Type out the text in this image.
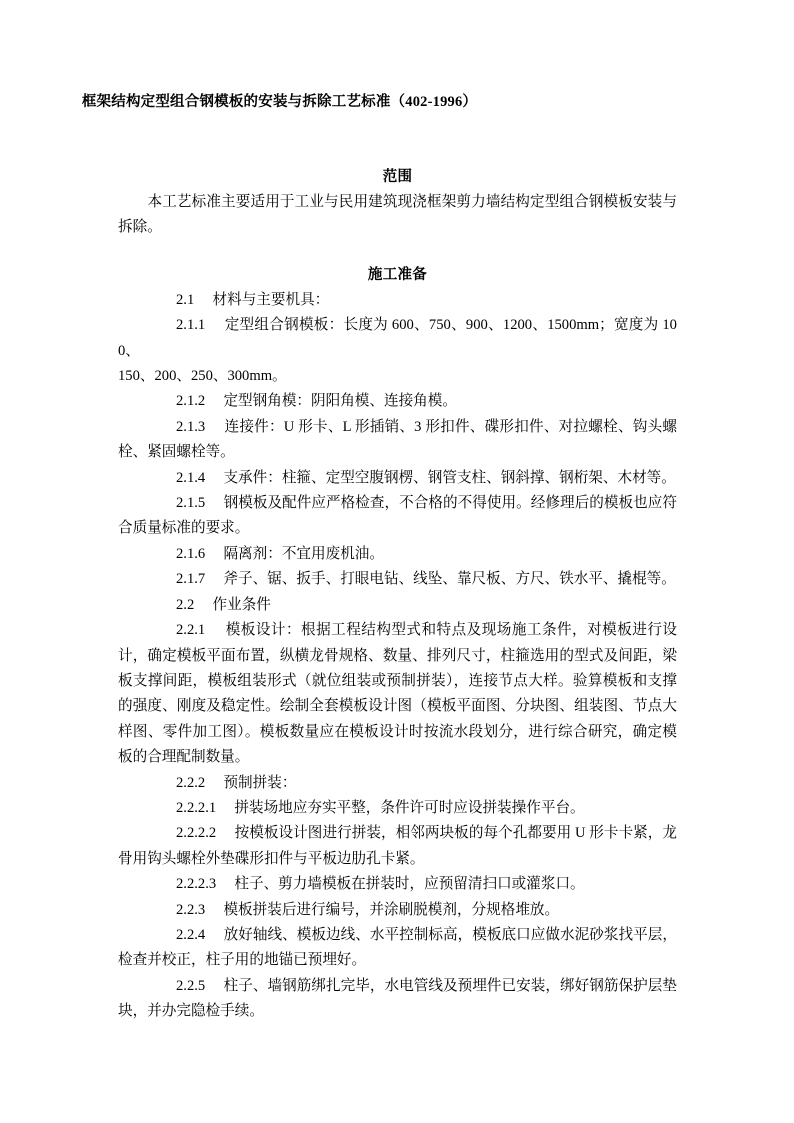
框架结构定型组合钢模板的安装与拆除工艺标准（402-1996）
范围
本工艺标准主要适用于工业与民用建筑现浇框架剪力墙结构定型组合钢模板安装与拆除。
施工准备
2.1 材料与主要机具：
2.1.1 定型组合钢模板：长度为 600、750、900、1200、1500mm；宽度为 100、
150、200、250、300mm。
2.1.2 定型钢角模：阴阳角模、连接角模。
2.1.3 连接件：U 形卡、L 形插销、3 形扣件、碟形扣件、对拉螺栓、钩头螺栓、紧固螺栓等。
2.1.4 支承件：柱箍、定型空腹钢楞、钢管支柱、钢斜撑、钢桁架、木材等。
2.1.5 钢模板及配件应严格检查，不合格的不得使用。经修理后的模板也应符合质量标准的要求。
2.1.6 隔离剂：不宜用废机油。
2.1.7 斧子、锯、扳手、打眼电钻、线坠、靠尺板、方尺、铁水平、撬棍等。
2.2 作业条件
2.2.1 模板设计：根据工程结构型式和特点及现场施工条件，对模板进行设计，确定模板平面布置，纵横龙骨规格、数量、排列尺寸，柱箍选用的型式及间距，梁板支撑间距，模板组装形式（就位组装或预制拼装），连接节点大样。验算模板和支撑的强度、刚度及稳定性。绘制全套模板设计图（模板平面图、分块图、组装图、节点大样图、零件加工图）。模板数量应在模板设计时按流水段划分，进行综合研究，确定模板的合理配制数量。
2.2.2 预制拼装：
2.2.2.1 拼装场地应夯实平整，条件许可时应设拼装操作平台。
2.2.2.2 按模板设计图进行拼装，相邻两块板的每个孔都要用 U 形卡卡紧，龙骨用钩头螺栓外垫碟形扣件与平板边肋孔卡紧。
2.2.2.3 柱子、剪力墙模板在拼装时，应预留清扫口或灌浆口。
2.2.3 模板拼装后进行编号，并涂刷脱模剂，分规格堆放。
2.2.4 放好轴线、模板边线、水平控制标高，模板底口应做水泥砂浆找平层，检查并校正，柱子用的地锚已预埋好。
2.2.5 柱子、墙钢筋绑扎完毕，水电管线及预埋件已安装，绑好钢筋保护层垫块，并办完隐检手续。
